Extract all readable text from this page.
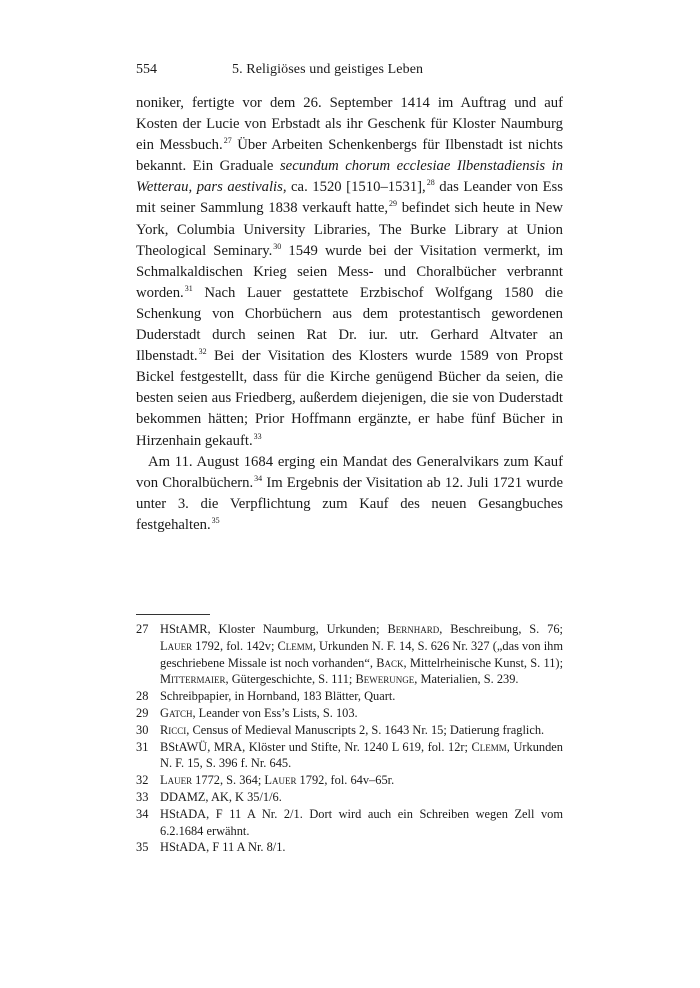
554	5. Religiöses und geistiges Leben

noniker, fertigte vor dem 26. September 1414 im Auftrag und auf Kosten der Lucie von Erbstadt als ihr Geschenk für Kloster Naumburg ein Messbuch.$^{27}$ Über Arbeiten Schenkenbergs für Ilbenstadt ist nichts bekannt. Ein Graduale secundum chorum ecclesiae Ilbenstadiensis in Wetterau, pars aestivalis, ca. 1520 [1510–1531],$^{28}$ das Leander von Ess mit seiner Sammlung 1838 verkauft hatte,$^{29}$ befindet sich heute in New York, Columbia University Libraries, The Burke Library at Union Theological Seminary.$^{30}$ 1549 wurde bei der Visitation vermerkt, im Schmalkaldischen Krieg seien Mess- und Choralbücher verbrannt worden.$^{31}$ Nach Lauer gestattete Erzbischof Wolfgang 1580 die Schenkung von Chorbüchern aus dem protestantisch gewordenen Duderstadt durch seinen Rat Dr. iur. utr. Gerhard Altvater an Ilbenstadt.$^{32}$ Bei der Visitation des Klosters wurde 1589 von Propst Bickel festgestellt, dass für die Kirche genügend Bücher da seien, die besten seien aus Friedberg, außerdem diejenigen, die sie von Duderstadt bekommen hätten; Prior Hoffmann ergänzte, er habe fünf Bücher in Hirzenhain gekauft.$^{33}$

Am 11. August 1684 erging ein Mandat des Generalvikars zum Kauf von Choralbüchern.$^{34}$ Im Ergebnis der Visitation ab 12. Juli 1721 wurde unter 3. die Verpflichtung zum Kauf des neuen Gesangbuches festgehalten.$^{35}$

27 HStAMR, Kloster Naumburg, Urkunden; Bernhard, Beschreibung, S. 76; Lauer 1792, fol. 142v; Clemm, Urkunden N. F. 14, S. 626 Nr. 327 („das von ihm geschriebene Missale ist noch vorhanden“, Back, Mittelrheinische Kunst, S. 11); Mittermaier, Gütergeschichte, S. 111; Bewerunge, Materialien, S. 239.

28 Schreibpapier, in Hornband, 183 Blätter, Quart.

29 Gatch, Leander von Ess’s Lists, S. 103.

30 Ricci, Census of Medieval Manuscripts 2, S. 1643 Nr. 15; Datierung fraglich.

31 BStAWÜ, MRA, Klöster und Stifte, Nr. 1240 L 619, fol. 12r; Clemm, Urkunden N. F. 15, S. 396 f. Nr. 645.

32 Lauer 1772, S. 364; Lauer 1792, fol. 64v–65r.

33 DDAMZ, AK, K 35/1/6.

34 HStADA, F 11 A Nr. 2/1. Dort wird auch ein Schreiben wegen Zell vom 6.2.1684 erwähnt.

35 HStADA, F 11 A Nr. 8/1.
